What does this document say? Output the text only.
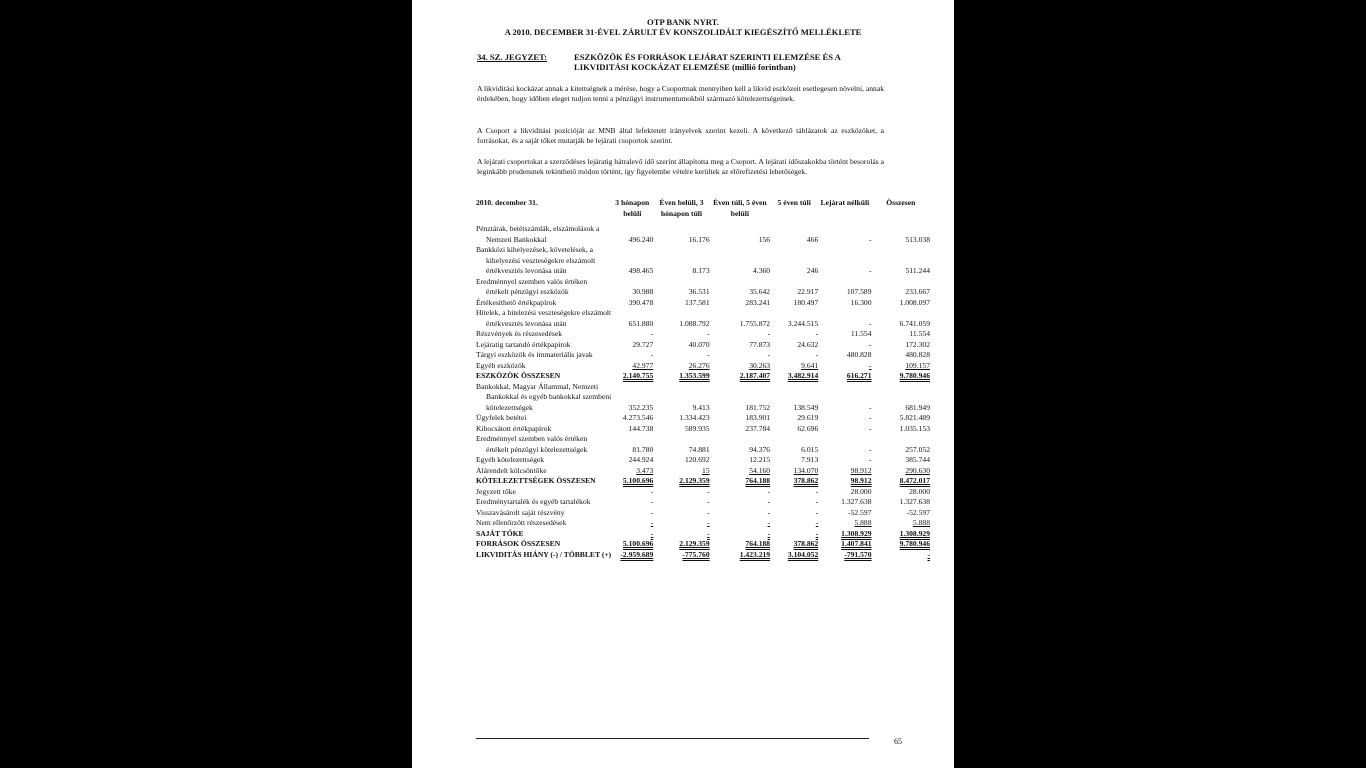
OTP BANK NYRT.
A 2010. DECEMBER 31-ÉVEL ZÁRULT ÉV KONSZOLIDÁLT KIEGÉSZÍTŐ MELLÉKLETE
34. SZ. JEGYZET:	ESZKÖZÖK ÉS FORRÁSOK LEJÁRAT SZERINTI ELEMZÉSE ÉS A LIKVIDITÁSI KOCKÁZAT ELEMZÉSE (millió forintban)
A likviditási kockázat annak a kitettségnek a mérése, hogy a Csoportnak mennyiben kell a likvid eszközeit esetlegesen növelni, annak érdekében, hogy időben eleget tudjon tenni a pénzügyi instrumentumokból származó kötelezettségeinek.
A Csoport a likviditási pozícióját az MNB által lefektetett irányelvek szerint kezeli. A következő táblázatok az eszközöket, a forrásokat, és a saját tőket mutatják be lejárati csoportok szerint.
A lejárati csoportokat a szerződéses lejáratig hátralevő idő szerint állapította meg a Csoport. A lejárati időszakokba történt besorolás a leginkább prudensnek tekinthető módon történt, így figyelembe vételre kerültek az előrefizetési lehetőségek.
2010. december 31.	3 hónapon belüli	Éven belüli, 3 hónapon túli	Éven túli, 5 éven belüli	5 éven túli	Lejárat nélküli	Összesen

Pénztárak, betétszámlák, elszámolások a Nemzeti Bankokkal	496.240	16.176	156	466	-	513.038

Bankközi kihelyezések, követelések, a kihelyezési veszteségekre elszámolt értékvesztés levonása után	498.465	8.173	4.360	246	-	511.244

Eredménnyel szemben valós értéken értékelt pénzügyi eszközök	30.988	36.531	35.642	22.917	107.589	233.667

Értékesíthető értékpapírok	390.478	137.581	283.241	180.497	16.300	1.008.097

Hitelek, a hitelezési veszteségekre elszámolt értékvesztés levonása után	651.880	1.088.792	1.755.872	3.244.515	-	6.741.059

Részvények és részesedések	-	-	-	-	11.554	11.554

Lejáratig tartandó értékpapírok	29.727	40.070	77.873	24.632	-	172.302

Tárgyi eszközök és immateriális javak	-	-	-	-	480.828	480.828

Egyéb eszközök	42.977	26.276	30.263	9.641	-	109.157

ESZKÖZÖK ÖSSZESEN	2.140.755	1.353.599	2.187.407	3.482.914	616.271	9.780.946

Bankokkal, Magyar Állammal, Nemzeti Bankokkal és egyéb bankokkal szembeni kötelezettségek	352.235	9.413	181.752	138.549	-	681.949

Ügyfelek betétei	4.273.546	1.334.423	183.901	29.619	-	5.821.489

Kibocsátott értékpapírok	144.738	589.935	237.784	62.696	-	1.035.153

Eredménnyel szemben valós értéken értékelt pénzügyi kötelezettségek	81.780	74.881	94.376	6.015	-	257.052

Egyéb kötelezettségek	244.924	120.692	12.215	7.913	-	385.744

Alárendelt kölcsöntőke	3.473	15	54.160	134.070	98.912	290.630

KÖTELEZETTSÉGEK ÖSSZESEN	5.100.696	2.129.359	764.188	378.862	98.912	8.472.017

Jegyzett tőke	-	-	-	-	28.000	28.000

Eredménytartalék és egyéb tartalékok	-	-	-	-	1.327.638	1.327.638

Visszavásárolt saját részvény	-	-	-	-	-52.597	-52.597

Nem ellenőrzött részesedések	-	-	-	-	5.888	5.888

SAJÁT TŐKE	-	-	-	-	1.308.929	1.308.929

FORRÁSOK ÖSSZESEN	5.100.696	2.129.359	764.188	378.862	1.407.841	9.780.946

LIKVIDITÁS HIÁNY (-) / TÖBBLET (+)	-2.959.689	-775.760	1.423.219	3.104.052	-791.570	-
65
